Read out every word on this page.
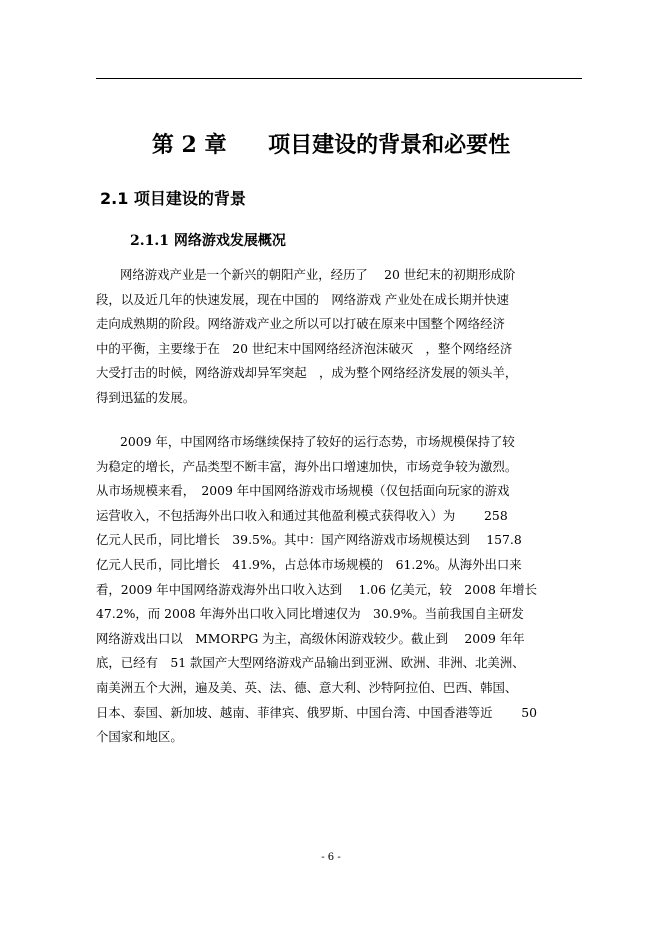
第 2 章 项目建设的背景和必要性
2.1 项目建设的背景
2.1.1 网络游戏发展概况
网络游戏产业是一个新兴的朝阳产业，经历了　 20 世纪末的初期形成阶
段，以及近几年的快速发展，现在中国的　网络游戏 产业处在成长期并快速
走向成熟期的阶段。网络游戏产业之所以可以打破在原来中国整个网络经济
中的平衡，主要缘于在　20 世纪末中国网络经济泡沫破灭　，整个网络经济
大受打击的时候，网络游戏却异军突起　，成为整个网络经济发展的领头羊，
得到迅猛的发展。
2009 年，中国网络市场继续保持了较好的运行态势，市场规模保持了较
为稳定的增长，产品类型不断丰富，海外出口增速加快，市场竞争较为激烈。
从市场规模来看，　2009 年中国网络游戏市场规模（仅包括面向玩家的游戏
运营收入，不包括海外出口收入和通过其他盈利模式获得收入）为　　 258
亿元人民币，同比增长　39.5%。其中：国产网络游戏市场规模达到　 157.8
亿元人民币，同比增长　41.9%，占总体市场规模的　61.2%。从海外出口来
看，2009 年中国网络游戏海外出口收入达到　 1.06 亿美元，较　2008 年增长
47.2%，而 2008 年海外出口收入同比增速仅为　30.9%。当前我国自主研发
网络游戏出口以　MMORPG 为主，高级休闲游戏较少。截止到　 2009 年年
底，已经有　51 款国产大型网络游戏产品输出到亚洲、欧洲、非洲、北美洲、
南美洲五个大洲，遍及美、英、法、德、意大利、沙特阿拉伯、巴西、韩国、
日本、泰国、新加坡、越南、菲律宾、俄罗斯、中国台湾、中国香港等近　　 50
个国家和地区。
- 6 -
